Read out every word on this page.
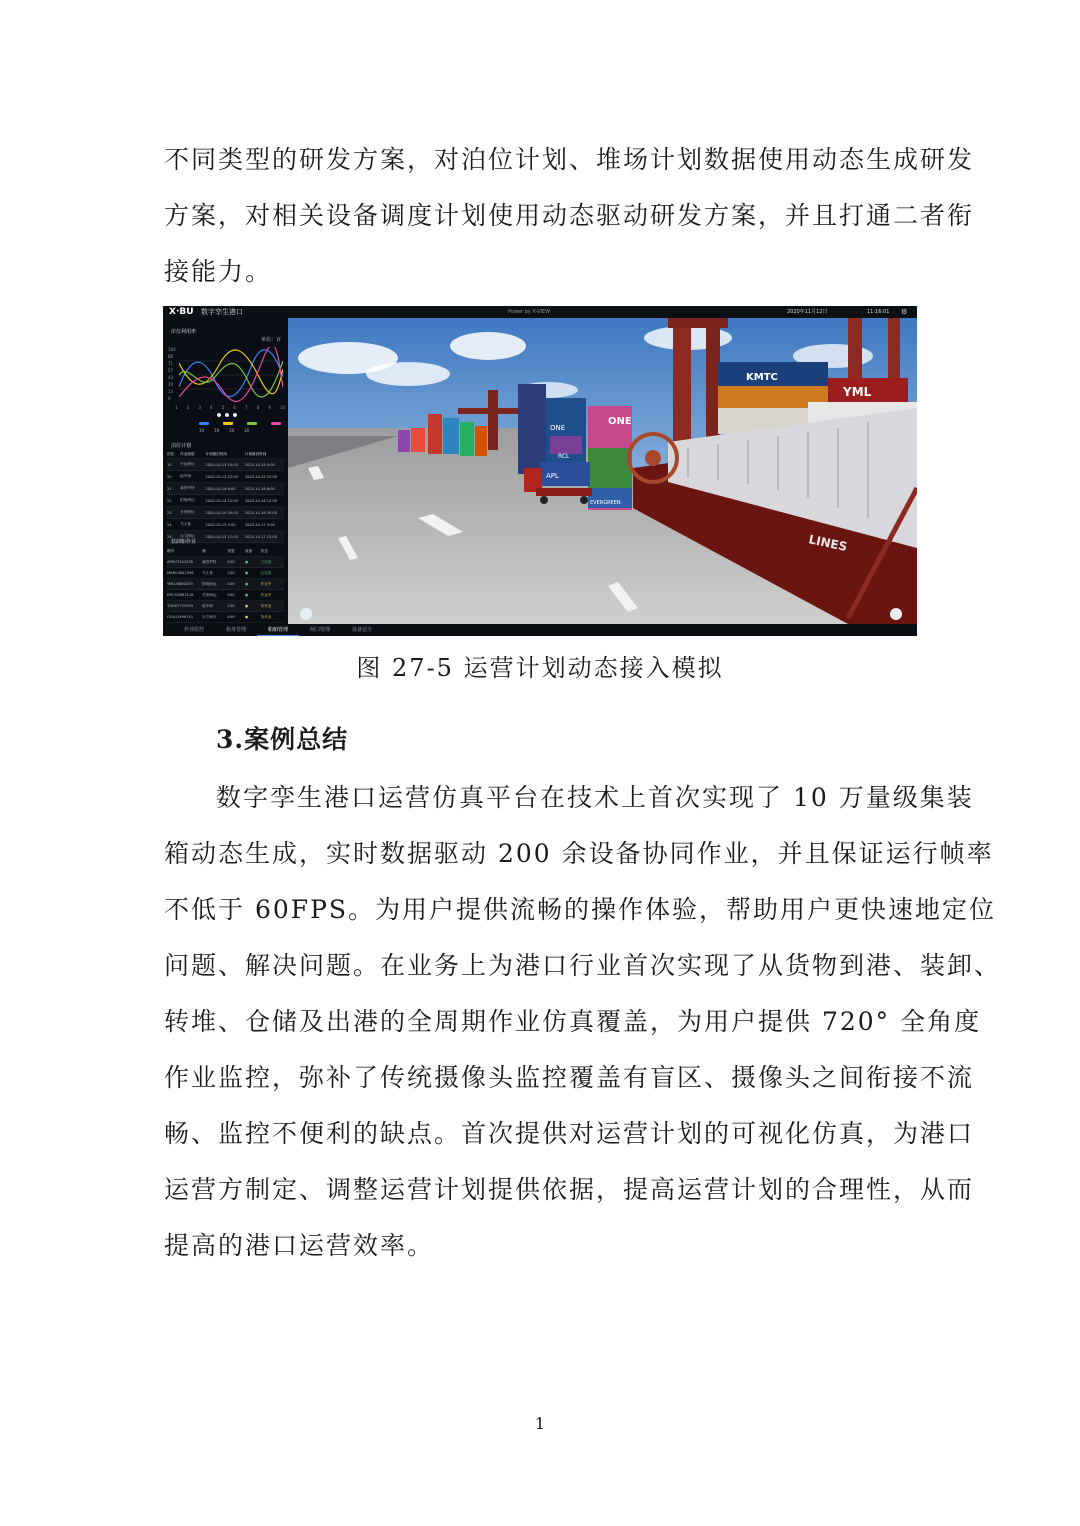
不同类型的研发方案，对泊位计划、堆场计划数据使用动态生成研发
方案，对相关设备调度计划使用动态驱动研发方案，并且打通二者衔
接能力。
X·BU 数字孪生港口	Power by X-VIEW	2020年11月12日	11:16:01 ⚙
KMTC
ONE
YML
LINES
EVERGREEN
RCL
ONE
APL
岸位利用率
单位：百
100
86
71
57
43
29
14
0
1 2 3 4 5 6 7 8 9 10
19	19	20	20
泊位计划
泊位	作业船舶	计划靠泊时间	计划离泊时间
19	中远海运	2020-10-13 10:00	2020-10-15 0:00
20	地中海	2020-10-13 22:00	2020-10-15 22:00
21	赫伯罗特	2020-10-14 6:00	2020-10-16 6:00
22	阳明海运	2020-10-14 12:00	2020-10-16 12:00
23	长荣海运	2020-10-14 20:00	2020-10-16 20:00
24	马士基	2020-10-15 4:00	2020-10-17 4:00
25	达飞海运	2020-10-15 12:00	2020-10-17 12:00
装卸船作业
箱号	船	类型	设备	状态
APHU7241078	赫伯罗特	40G	●	已完成
MRKU3641096	马士基	20G	●	已完成
YMLU4880249	阳明海运	40H	●	作业中
EMCU4987126	长荣海运	40G	●	作业中
TGHU7719925	地中海	20G	●	待作业
OOLU2496741	东方海外	40H	●	待作业
作业监控	箱务管理	船舶管理	闸口管理	设备安全
图 27-5 运营计划动态接入模拟
3.案例总结
数字孪生港口运营仿真平台在技术上首次实现了 10 万量级集装
箱动态生成，实时数据驱动 200 余设备协同作业，并且保证运行帧率
不低于 60FPS。为用户提供流畅的操作体验，帮助用户更快速地定位
问题、解决问题。在业务上为港口行业首次实现了从货物到港、装卸、
转堆、仓储及出港的全周期作业仿真覆盖，为用户提供 720° 全角度
作业监控，弥补了传统摄像头监控覆盖有盲区、摄像头之间衔接不流
畅、监控不便利的缺点。首次提供对运营计划的可视化仿真，为港口
运营方制定、调整运营计划提供依据，提高运营计划的合理性，从而
提高的港口运营效率。
1
